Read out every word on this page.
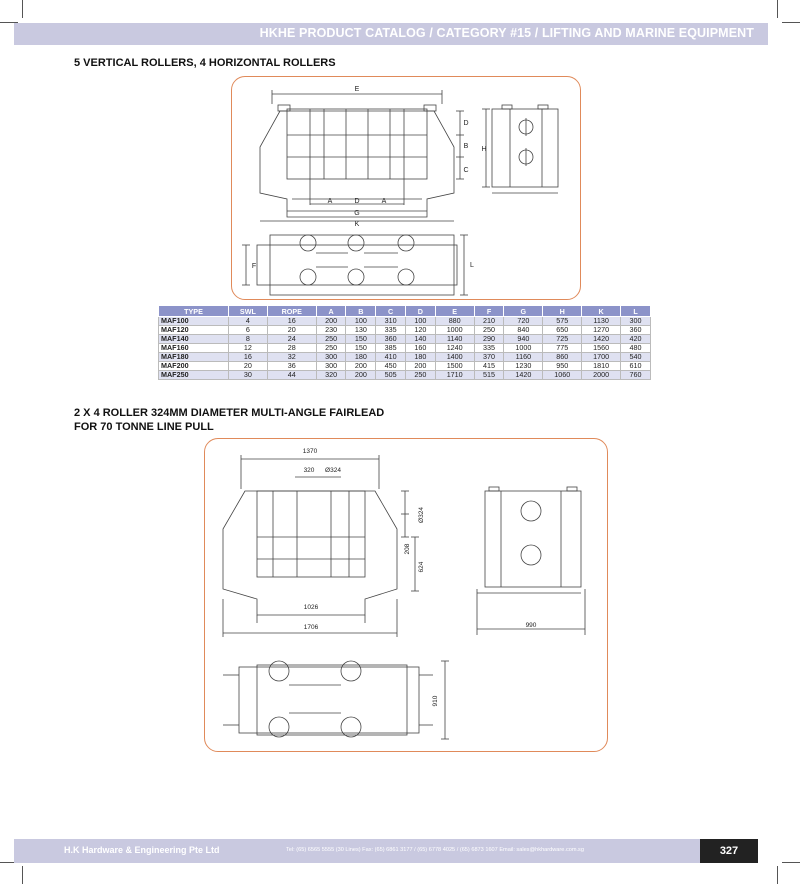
HKHE PRODUCT CATALOG / CATEGORY #15 / LIFTING AND MARINE EQUIPMENT
5 VERTICAL ROLLERS, 4 HORIZONTAL ROLLERS
E
D
B
C
H
A	D	A
G
K
F	L
TYPE	SWL	ROPE	A	B	C	D	E	F	G	H	K	L
MAF100	4	16	200	100	310	100	880	210	720	575	1130	300
MAF120	6	20	230	130	335	120	1000	250	840	650	1270	360
MAF140	8	24	250	150	360	140	1140	290	940	725	1420	420
MAF160	12	28	250	150	385	160	1240	335	1000	775	1560	480
MAF180	16	32	300	180	410	180	1400	370	1160	860	1700	540
MAF200	20	36	300	200	450	200	1500	415	1230	950	1810	610
MAF250	30	44	320	200	505	250	1710	515	1420	1060	2000	760
2 X 4 ROLLER 324MM DIAMETER MULTI-ANGLE FAIRLEAD
FOR 70 TONNE LINE PULL
1370
320 Ø324
Ø324
208
624
1026
1706	990
910
H.K Hardware & Engineering Pte Ltd	Tel: (65) 6565 5555 (30 Lines) Fax: (65) 6861 3177 / (65) 6778 4025 / (65) 6873 1607 Email: sales@hkhardware.com.sg	327
